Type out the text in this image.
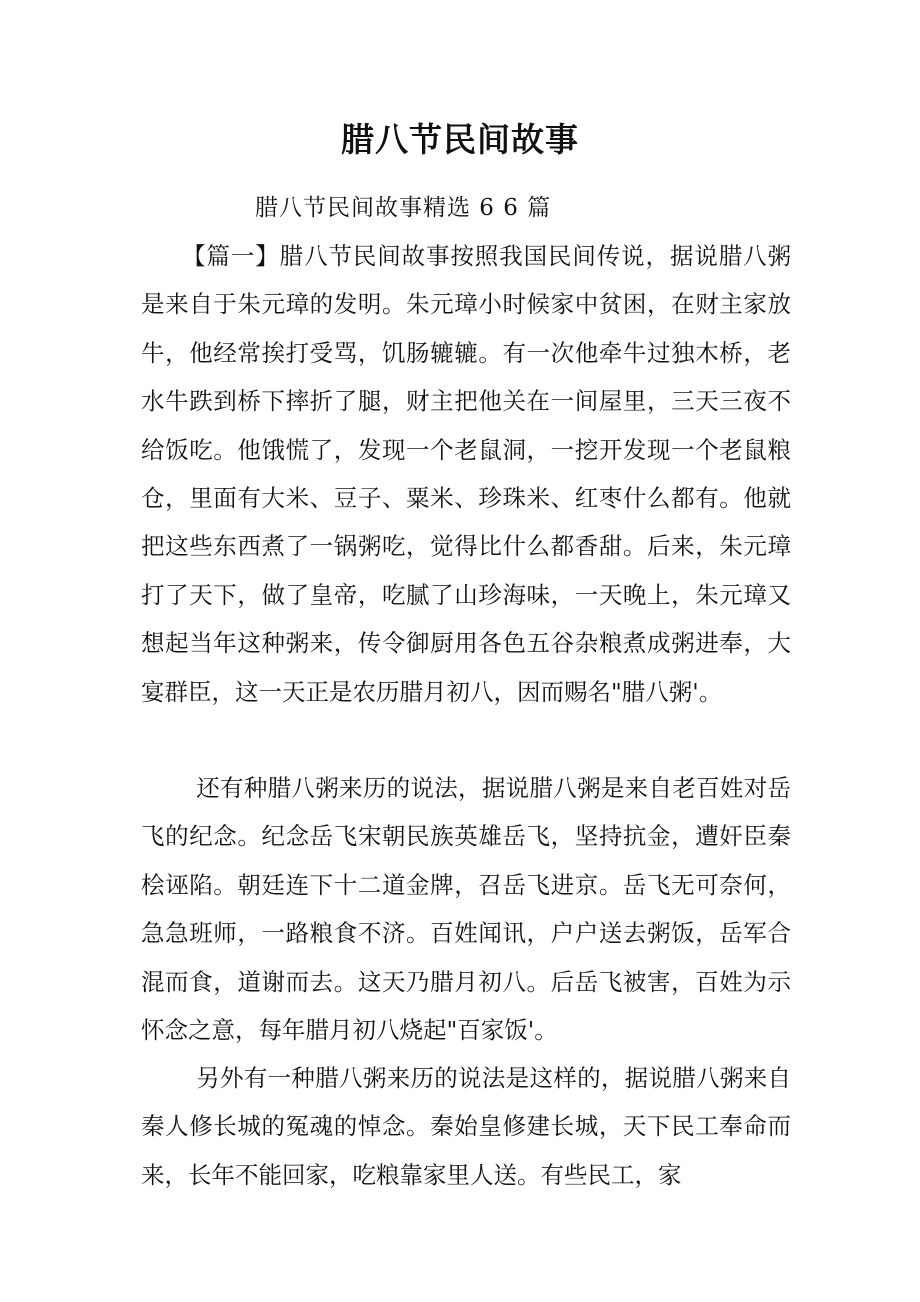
腊八节民间故事
腊八节民间故事精选 6 6 篇

【篇一】腊八节民间故事按照我国民间传说，据说腊八粥是来自于朱元璋的发明。朱元璋小时候家中贫困，在财主家放牛，他经常挨打受骂，饥肠辘辘。有一次他牵牛过独木桥，老水牛跌到桥下摔折了腿，财主把他关在一间屋里，三天三夜不给饭吃。他饿慌了，发现一个老鼠洞，一挖开发现一个老鼠粮仓，里面有大米、豆子、粟米、珍珠米、红枣什么都有。他就把这些东西煮了一锅粥吃，觉得比什么都香甜。后来，朱元璋打了天下，做了皇帝，吃腻了山珍海味，一天晚上，朱元璋又想起当年这种粥来，传令御厨用各色五谷杂粮煮成粥进奉，大宴群臣，这一天正是农历腊月初八，因而赐名"腊八粥'。

还有种腊八粥来历的说法，据说腊八粥是来自老百姓对岳飞的纪念。纪念岳飞宋朝民族英雄岳飞，坚持抗金，遭奸臣秦桧诬陷。朝廷连下十二道金牌，召岳飞进京。岳飞无可奈何，急急班师，一路粮食不济。百姓闻讯，户户送去粥饭，岳军合混而食，道谢而去。这天乃腊月初八。后岳飞被害，百姓为示怀念之意，每年腊月初八烧起"百家饭'。

另外有一种腊八粥来历的说法是这样的，据说腊八粥来自秦人修长城的冤魂的悼念。秦始皇修建长城，天下民工奉命而来，长年不能回家，吃粮靠家里人送。有些民工，家
